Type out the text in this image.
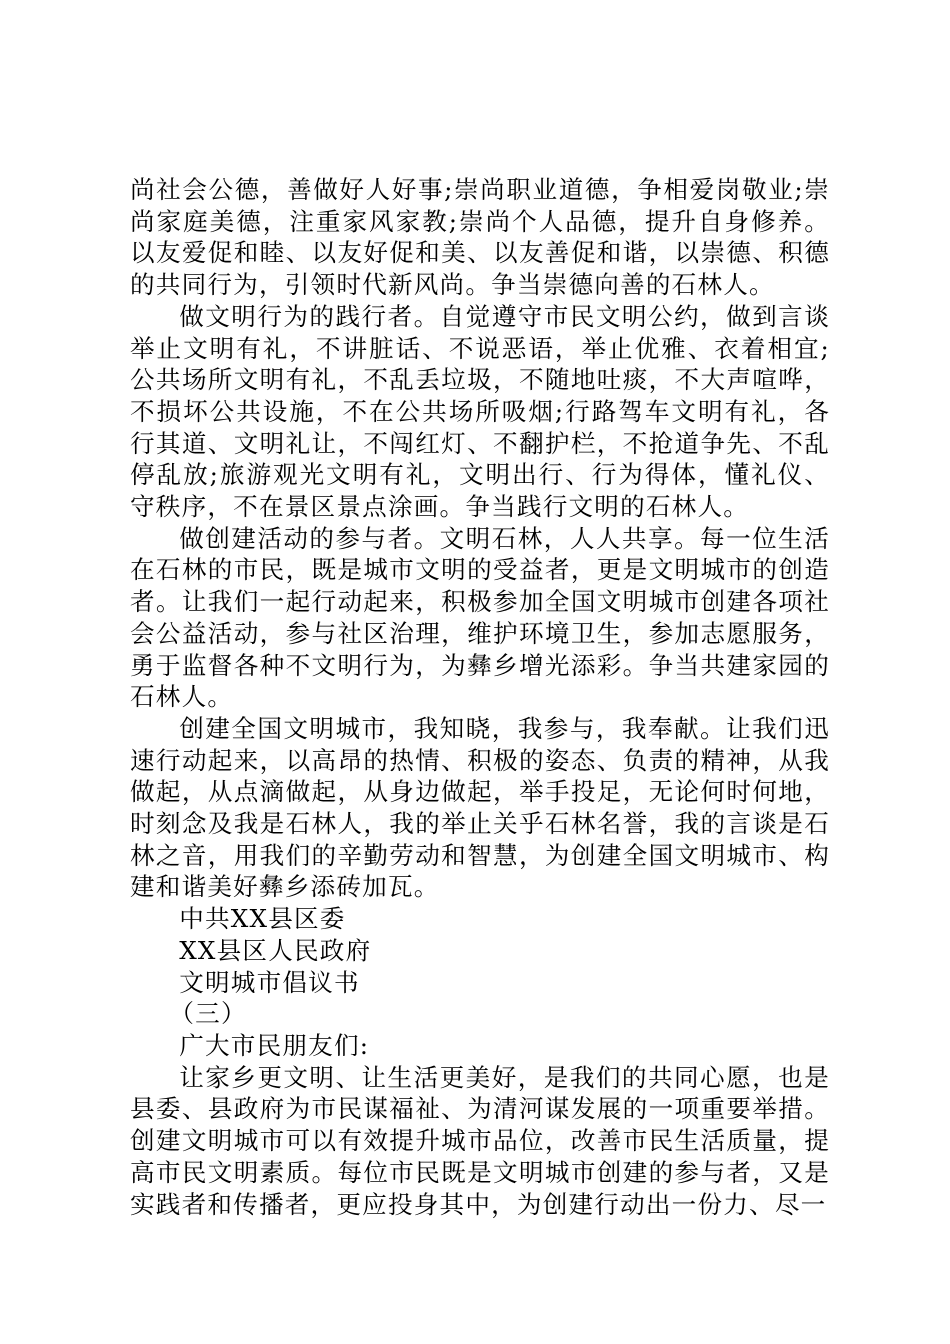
尚社会公德，善做好人好事;崇尚职业道德，争相爱岗敬业;崇尚家庭美德，注重家风家教;崇尚个人品德，提升自身修养。以友爱促和睦、以友好促和美、以友善促和谐，以崇德、积德的共同行为，引领时代新风尚。争当崇德向善的石林人。

做文明行为的践行者。自觉遵守市民文明公约，做到言谈举止文明有礼，不讲脏话、不说恶语，举止优雅、衣着相宜;公共场所文明有礼，不乱丢垃圾，不随地吐痰，不大声喧哗，不损坏公共设施，不在公共场所吸烟;行路驾车文明有礼，各行其道、文明礼让，不闯红灯、不翻护栏，不抢道争先、不乱停乱放;旅游观光文明有礼，文明出行、行为得体，懂礼仪、守秩序，不在景区景点涂画。争当践行文明的石林人。

做创建活动的参与者。文明石林，人人共享。每一位生活在石林的市民，既是城市文明的受益者，更是文明城市的创造者。让我们一起行动起来，积极参加全国文明城市创建各项社会公益活动，参与社区治理，维护环境卫生，参加志愿服务，勇于监督各种不文明行为，为彝乡增光添彩。争当共建家园的石林人。

创建全国文明城市，我知晓，我参与，我奉献。让我们迅速行动起来，以高昂的热情、积极的姿态、负责的精神，从我做起，从点滴做起，从身边做起，举手投足，无论何时何地，时刻念及我是石林人，我的举止关乎石林名誉，我的言谈是石林之音，用我们的辛勤劳动和智慧，为创建全国文明城市、构建和谐美好彝乡添砖加瓦。

中共XX县区委

XX县区人民政府

文明城市倡议书

（三）

广大市民朋友们:

让家乡更文明、让生活更美好，是我们的共同心愿，也是县委、县政府为市民谋福祉、为清河谋发展的一项重要举措。创建文明城市可以有效提升城市品位，改善市民生活质量，提高市民文明素质。每位市民既是文明城市创建的参与者，又是实践者和传播者，更应投身其中，为创建行动出一份力、尽一
